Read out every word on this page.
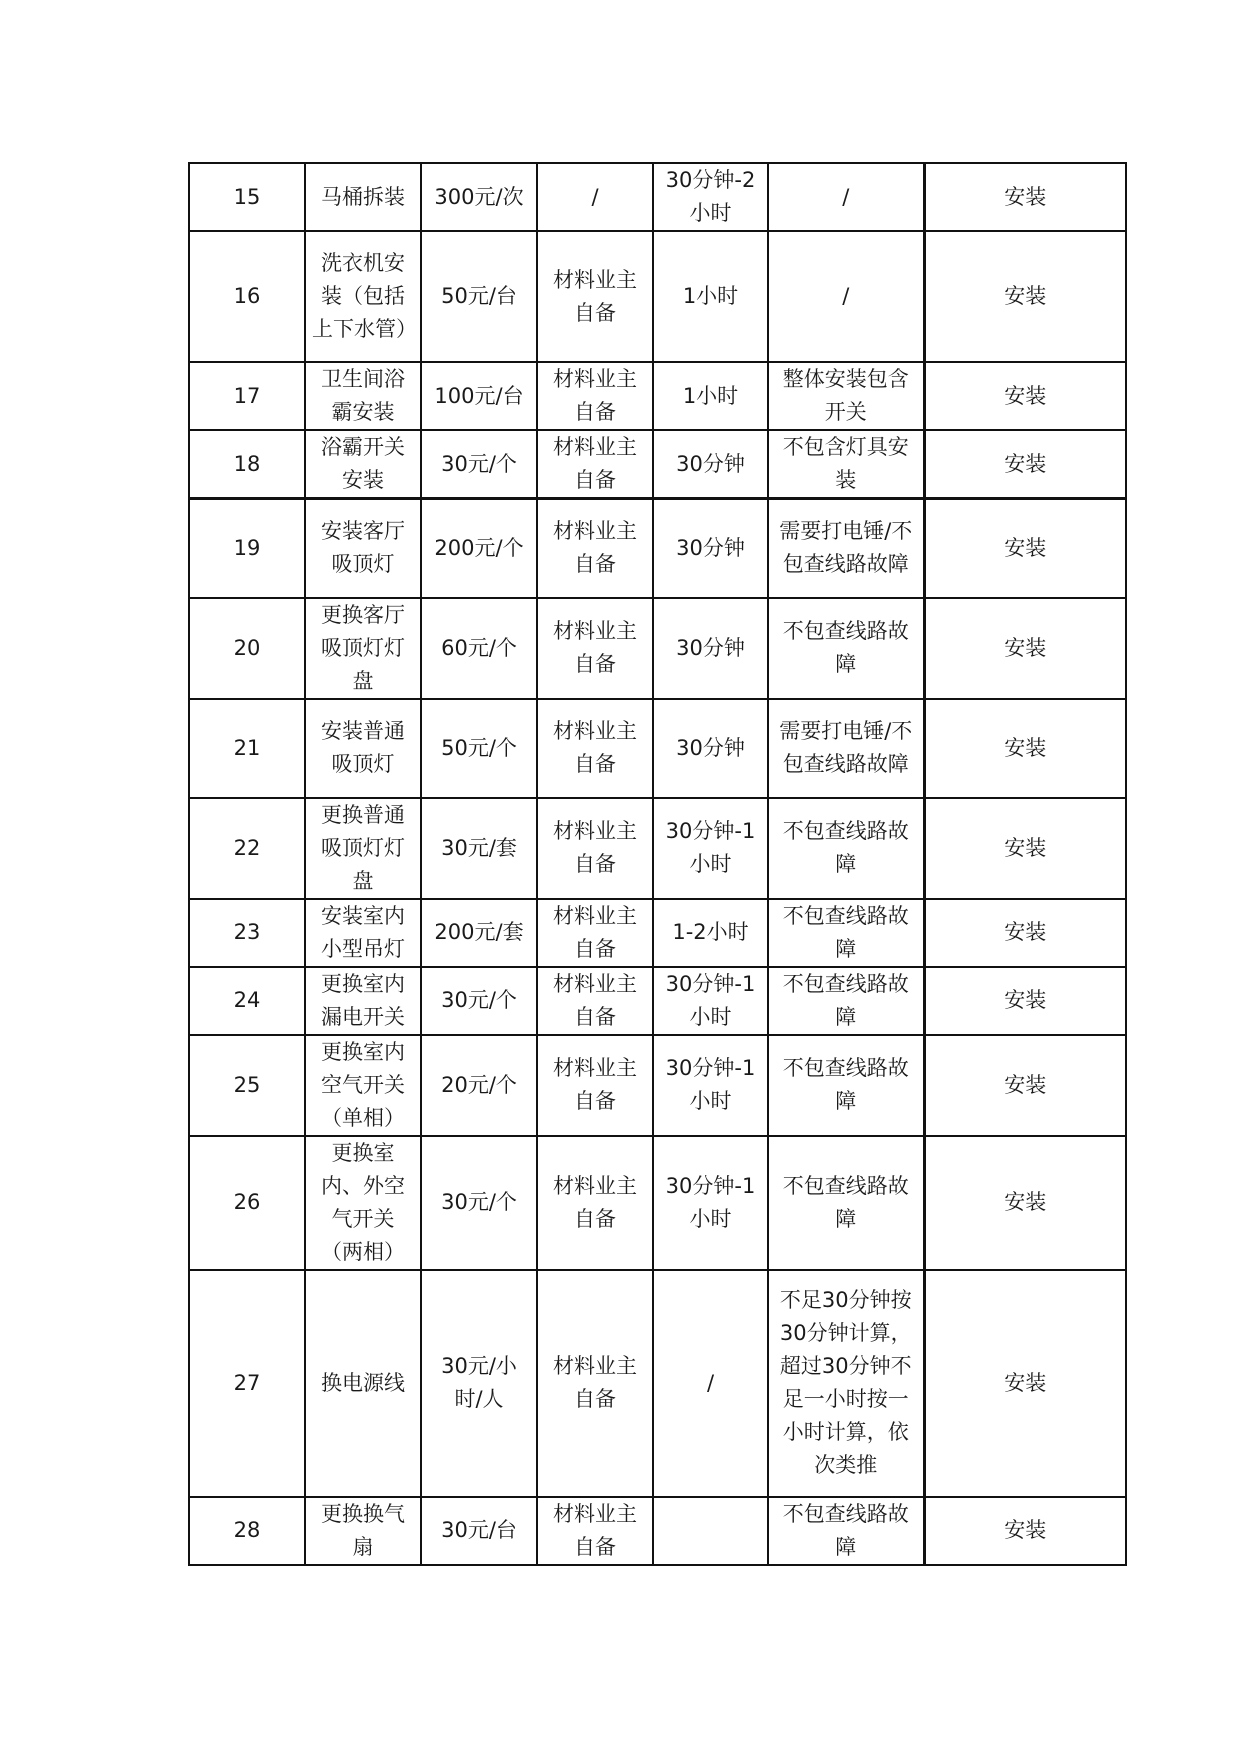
15	马桶拆装	300元/次	/	30分钟-2小时	/	安装
16	洗衣机安装（包括上下水管）	50元/台	材料业主自备	1小时	/	安装
17	卫生间浴霸安装	100元/台	材料业主自备	1小时	整体安装包含开关	安装
18	浴霸开关安装	30元/个	材料业主自备	30分钟	不包含灯具安装	安装
19	安装客厅吸顶灯	200元/个	材料业主自备	30分钟	需要打电锤/不包查线路故障	安装
20	更换客厅吸顶灯灯盘	60元/个	材料业主自备	30分钟	不包查线路故障	安装
21	安装普通吸顶灯	50元/个	材料业主自备	30分钟	需要打电锤/不包查线路故障	安装
22	更换普通吸顶灯灯盘	30元/套	材料业主自备	30分钟-1小时	不包查线路故障	安装
23	安装室内小型吊灯	200元/套	材料业主自备	1-2小时	不包查线路故障	安装
24	更换室内漏电开关	30元/个	材料业主自备	30分钟-1小时	不包查线路故障	安装
25	更换室内空气开关（单相）	20元/个	材料业主自备	30分钟-1小时	不包查线路故障	安装
26	更换室内、外空气开关（两相）	30元/个	材料业主自备	30分钟-1小时	不包查线路故障	安装
27	换电源线	30元/小时/人	材料业主自备	/	不足30分钟按30分钟计算，超过30分钟不足一小时按一小时计算，依次类推	安装
28	更换换气扇	30元/台	材料业主自备		不包查线路故障	安装
